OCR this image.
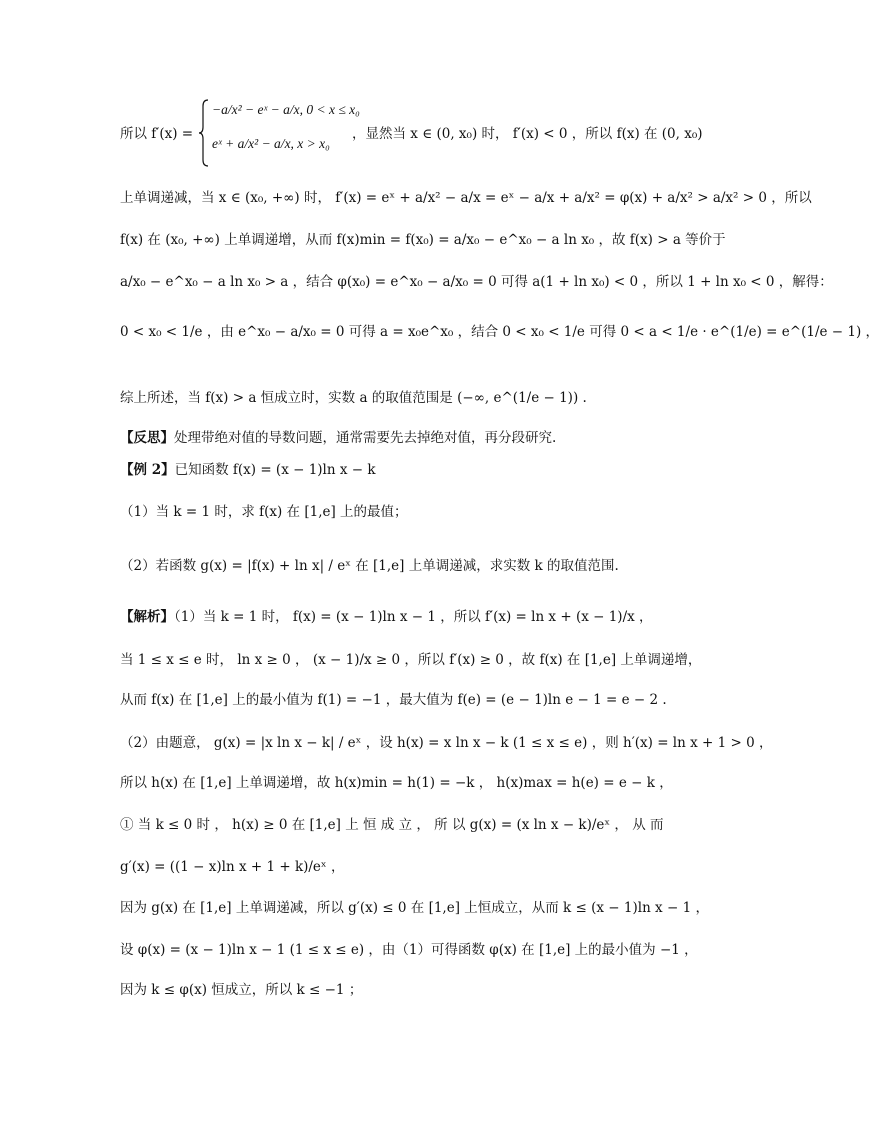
所以 f′(x) =
−a/x² − eˣ − a/x, 0 < x ≤ x₀
eˣ + a/x² − a/x, x > x₀
，显然当 x ∈ (0, x₀) 时， f′(x) < 0 ，所以 f(x) 在 (0, x₀)
上单调递减，当 x ∈ (x₀, +∞) 时， f′(x) = eˣ + a/x² − a/x = eˣ − a/x + a/x² = φ(x) + a/x² > a/x² > 0 ，所以
f(x) 在 (x₀, +∞) 上单调递增，从而 f(x)min = f(x₀) = a/x₀ − e^x₀ − a ln x₀ ，故 f(x) > a 等价于
a/x₀ − e^x₀ − a ln x₀ > a ，结合 φ(x₀) = e^x₀ − a/x₀ = 0 可得 a(1 + ln x₀) < 0 ，所以 1 + ln x₀ < 0 ，解得：
0 < x₀ < 1/e ，由 e^x₀ − a/x₀ = 0 可得 a = x₀e^x₀ ，结合 0 < x₀ < 1/e 可得 0 < a < 1/e · e^(1/e) = e^(1/e − 1) ，
综上所述，当 f(x) > a 恒成立时，实数 a 的取值范围是 (−∞, e^(1/e − 1)) .
【反思】处理带绝对值的导数问题，通常需要先去掉绝对值，再分段研究.
【例 2】已知函数 f(x) = (x − 1)ln x − k
（1）当 k = 1 时，求 f(x) 在 [1,e] 上的最值；
（2）若函数 g(x) = |f(x) + ln x| / eˣ 在 [1,e] 上单调递减，求实数 k 的取值范围.
【解析】（1）当 k = 1 时， f(x) = (x − 1)ln x − 1 ，所以 f′(x) = ln x + (x − 1)/x ，
当 1 ≤ x ≤ e 时， ln x ≥ 0 ， (x − 1)/x ≥ 0 ，所以 f′(x) ≥ 0 ，故 f(x) 在 [1,e] 上单调递增，
从而 f(x) 在 [1,e] 上的最小值为 f(1) = −1 ，最大值为 f(e) = (e − 1)ln e − 1 = e − 2 .
（2）由题意， g(x) = |x ln x − k| / eˣ ，设 h(x) = x ln x − k (1 ≤ x ≤ e) ，则 h′(x) = ln x + 1 > 0 ，
所以 h(x) 在 [1,e] 上单调递增，故 h(x)min = h(1) = −k ， h(x)max = h(e) = e − k ，
① 当 k ≤ 0 时 ， h(x) ≥ 0 在 [1,e] 上 恒 成 立 ， 所 以 g(x) = (x ln x − k)/eˣ ， 从 而
g′(x) = ((1 − x)ln x + 1 + k)/eˣ ，
因为 g(x) 在 [1,e] 上单调递减，所以 g′(x) ≤ 0 在 [1,e] 上恒成立，从而 k ≤ (x − 1)ln x − 1 ，
设 φ(x) = (x − 1)ln x − 1 (1 ≤ x ≤ e) ，由（1）可得函数 φ(x) 在 [1,e] 上的最小值为 −1 ，
因为 k ≤ φ(x) 恒成立，所以 k ≤ −1 ；
